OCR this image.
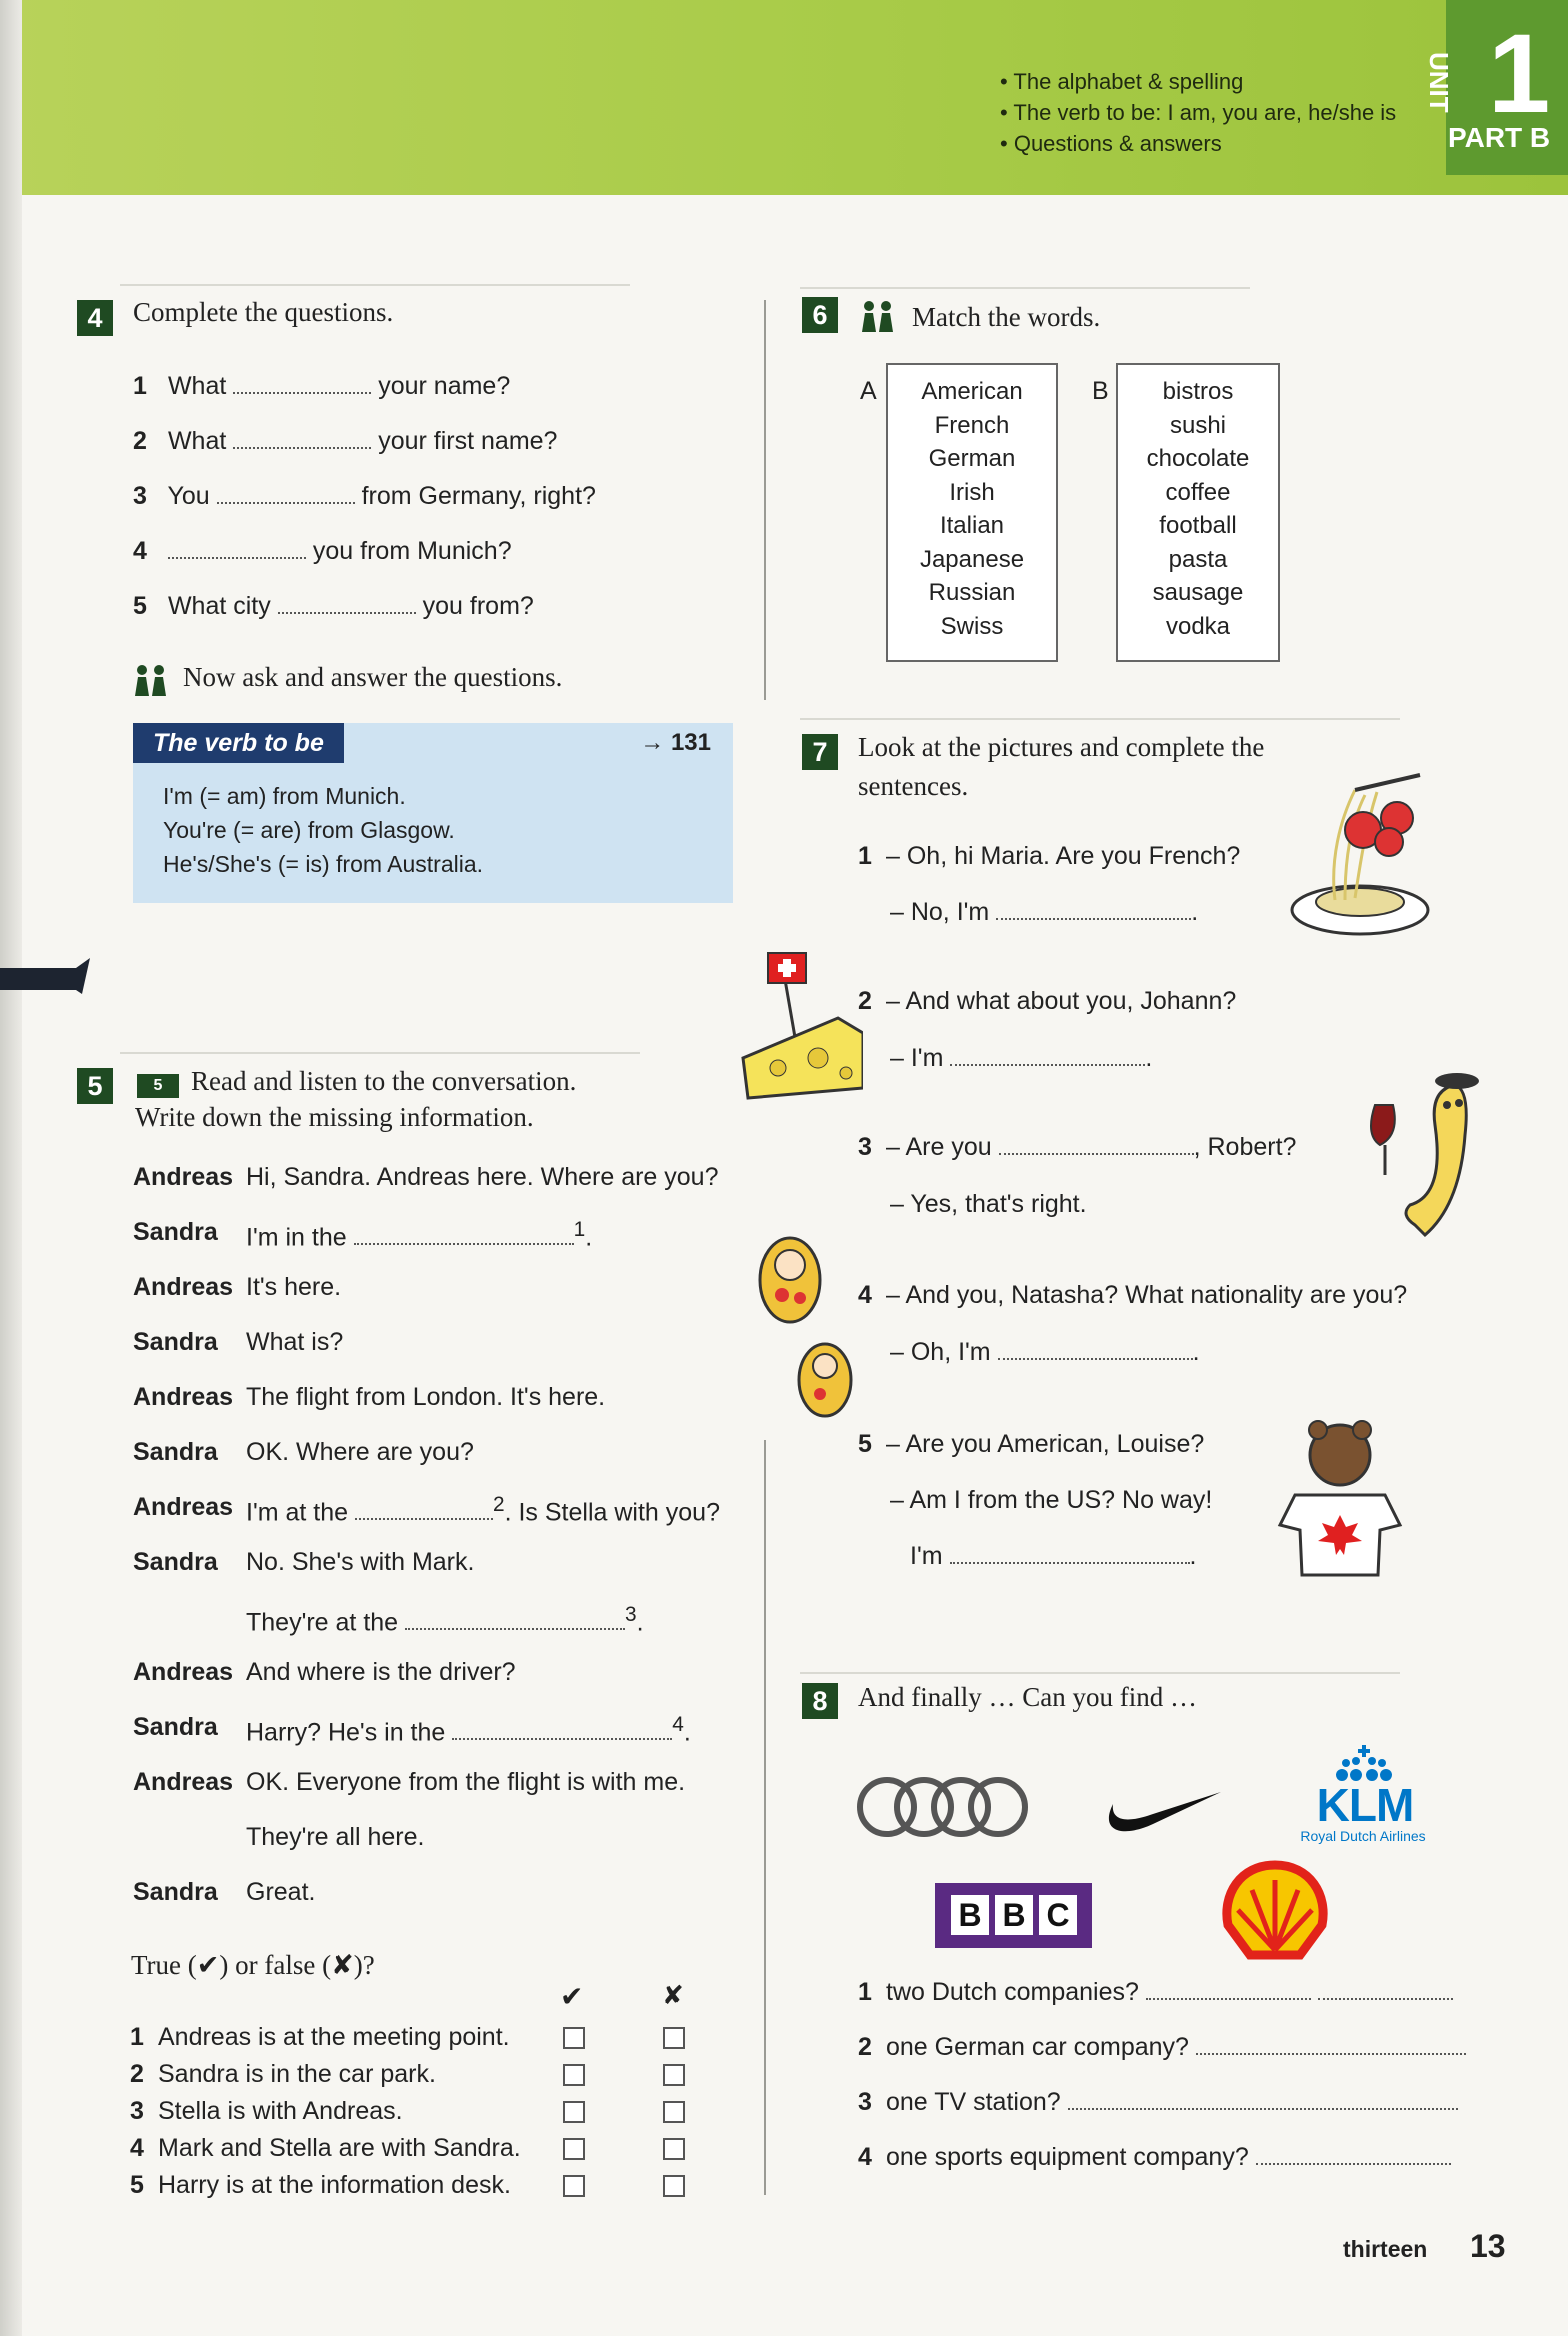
• The alphabet & spelling
• The verb to be: I am, you are, he/she is
• Questions & answers
UNIT 1
PART B
4	Complete the questions.
1 What	your name?
2 What	your first name?
3 You	from Germany, right?
4	you from Munich?
5 What city	you from?
Now ask and answer the questions.
The verb to be	→ 131
I'm (= am) from Munich.
You're (= are) from Glasgow.
He's/She's (= is) from Australia.
5	5	Read and listen to the conversation.
Write down the missing information.
Andreas Hi, Sandra. Andreas here. Where are you?
Sandra I'm in the	$^1$.
Andreas It's here.
Sandra What is?
Andreas The flight from London. It's here.
Sandra OK. Where are you?
Andreas I'm at the	$^2$. Is Stella with you?
Sandra No. She's with Mark.
They're at the	$^3$.
Andreas And where is the driver?
Sandra Harry? He's in the	$^4$.
Andreas OK. Everyone from the flight is with me.
They're all here.
Sandra Great.
True (✔) or false (✘)?
✔	✘
1 Andreas is at the meeting point.
2 Sandra is in the car park.
3 Stella is with Andreas.
4 Mark and Stella are with Sandra.
5 Harry is at the information desk.
6	Match the words.
A	American
French
German
Irish
Italian
Japanese
Russian
Swiss
B	bistros
sushi
chocolate
coffee
football
pasta
sausage
vodka
7	Look at the pictures and complete the
sentences.
1 – Oh, hi Maria. Are you French?
– No, I'm	.
2 – And what about you, Johann?
– I'm	.
3 – Are you	, Robert?
– Yes, that's right.
4 – And you, Natasha? What nationality are you?
– Oh, I'm	.
5 – Are you American, Louise?
– Am I from the US? No way!
I'm	.
8	And finally … Can you find …
KLM
Royal Dutch Airlines
B B C
1 two Dutch companies?
2 one German car company?
3 one TV station?
4 one sports equipment company?
thirteen 13
